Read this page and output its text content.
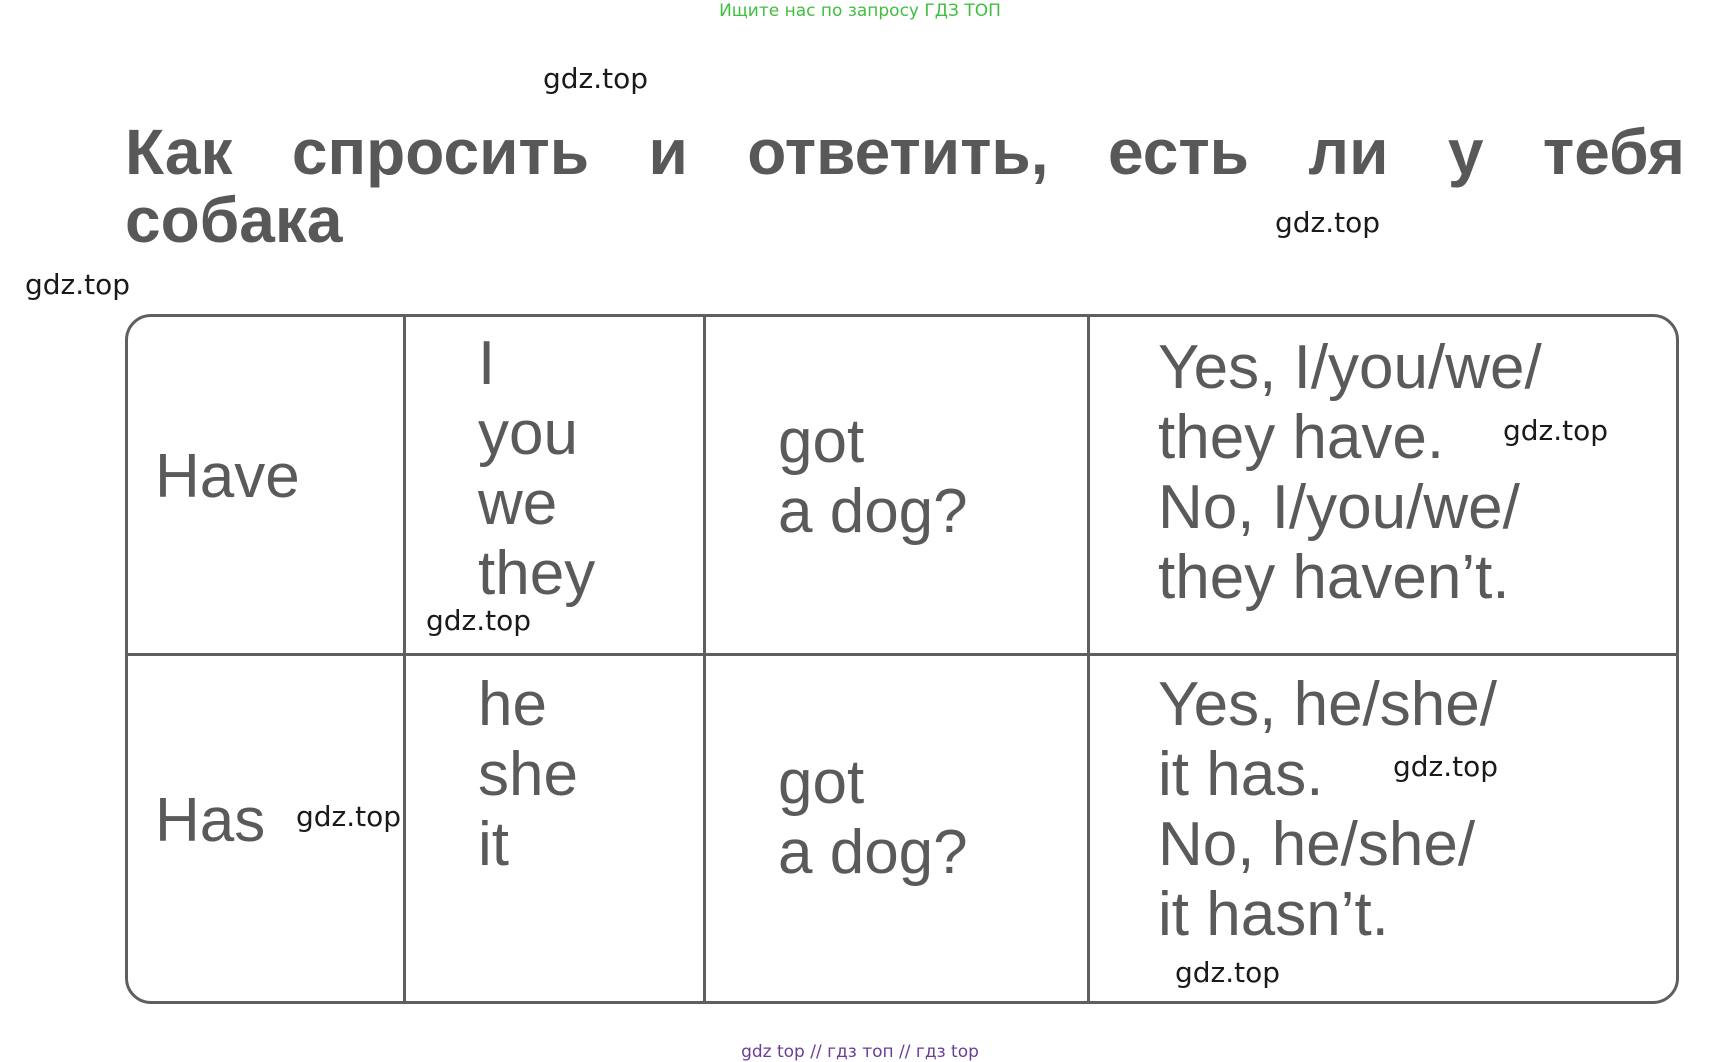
Ищите нас по запросу ГДЗ ТОП
Как спросить и ответить, есть ли у тебя
собака
Have
I
you
we
they
got
a dog?
Yes, I/you/we/
they have.
No, I/you/we/
they haven’t.
Has
he
she
it
got
a dog?
Yes, he/she/
it has.
No, he/she/
it hasn’t.
gdz.top
gdz.top
gdz.top
gdz.top
gdz.top
gdz.top
gdz.top
gdz.top
gdz top // гдз топ // гдз top
